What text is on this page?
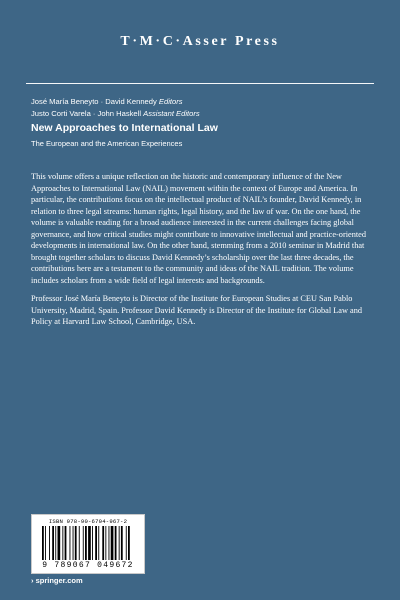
T·M·C·Asser Press
José María Beneyto · David Kennedy Editors
Justo Corti Varela · John Haskell Assistant Editors
New Approaches to International Law
The European and the American Experiences

This volume offers a unique reflection on the historic and contemporary influence of the New Approaches to International Law (NAIL) movement within the context of Europe and America. In particular, the contributions focus on the intellectual product of NAIL’s founder, David Kennedy, in relation to three legal streams: human rights, legal history, and the law of war. On the one hand, the volume is valuable reading for a broad audience interested in the current challenges facing global governance, and how critical studies might contribute to innovative intellectual and practice-oriented developments in international law. On the other hand, stemming from a 2010 seminar in Madrid that brought together scholars to discuss David Kennedy’s scholarship over the last three decades, the contributions here are a testament to the community and ideas of the NAIL tradition. The volume includes scholars from a wide field of legal interests and backgrounds.

Professor José María Beneyto is Director of the Institute for European Studies at CEU San Pablo University, Madrid, Spain. Professor David Kennedy is Director of the Institute for Global Law and Policy at Harvard Law School, Cambridge, USA.

ISBN 978-90-6704-967-2
9 789067 049672
› springer.com
